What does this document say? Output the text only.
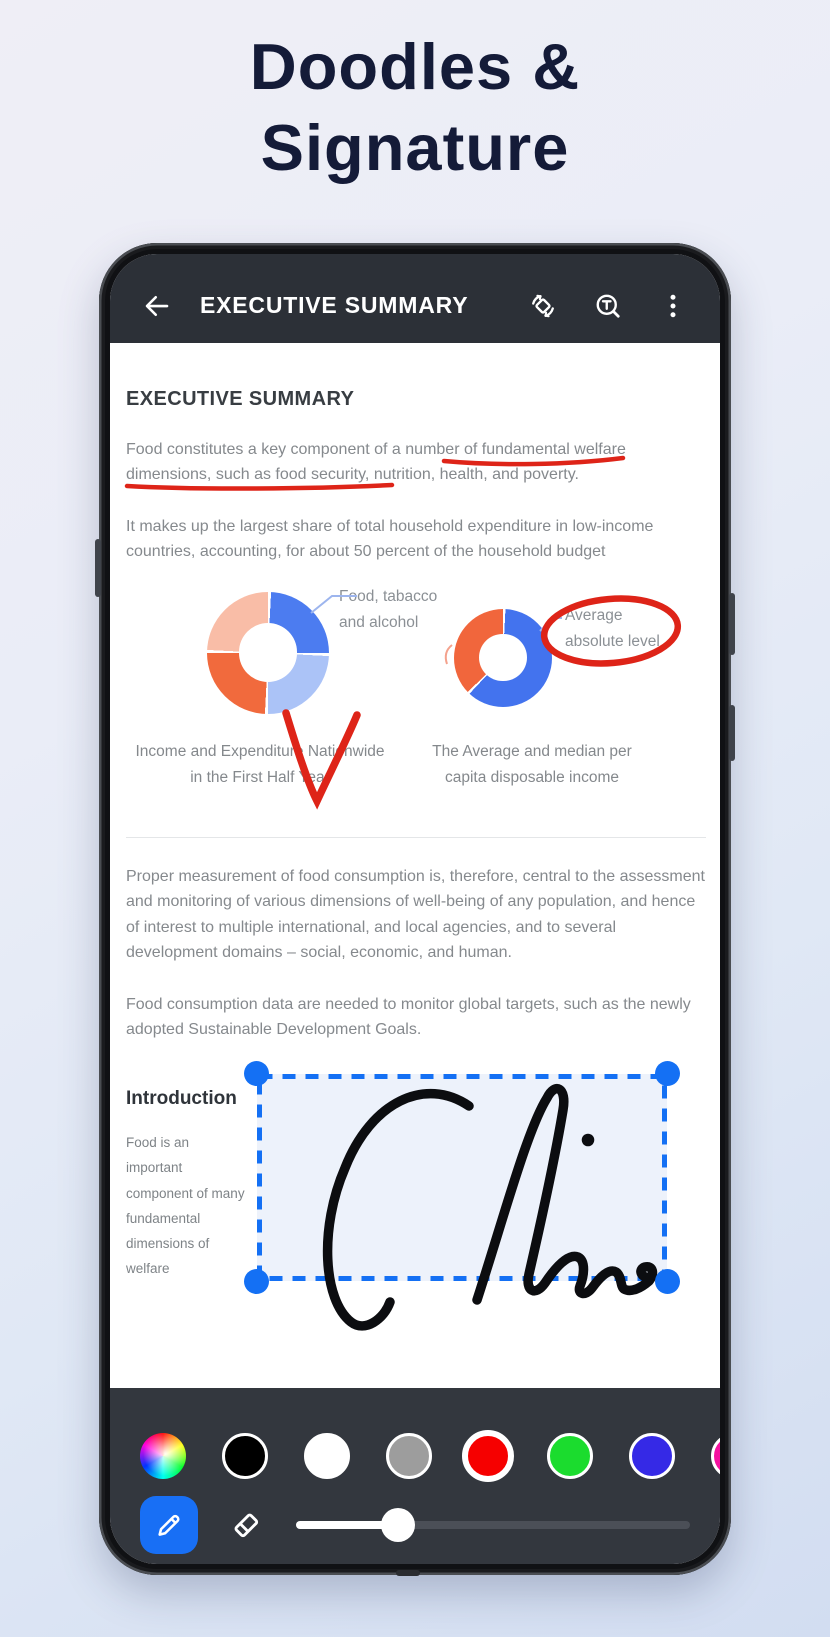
Doodles &
Signature
EXECUTIVE SUMMARY
EXECUTIVE SUMMARY

Food constitutes a key component of a number of fundamental welfare dimensions, such as food security, nutrition, health, and poverty.

It makes up the largest share of total household expenditure in low-income countries, accounting, for about 50 percent of the household budget

Food, tabacco
and alcohol	Average
absolute level
Income and Expenditure Nationwide in the First Half Year
The Average and median per capita disposable income

Proper measurement of food consumption is, therefore, central to the assessment and monitoring of various dimensions of well-being of any population, and hence of interest to multiple international, and local agencies, and to several development domains – social, economic, and human.

Food consumption data are needed to monitor global targets, such as the newly adopted Sustainable Development Goals.

Introduction
Food is an important component of many fundamental dimensions of welfare
